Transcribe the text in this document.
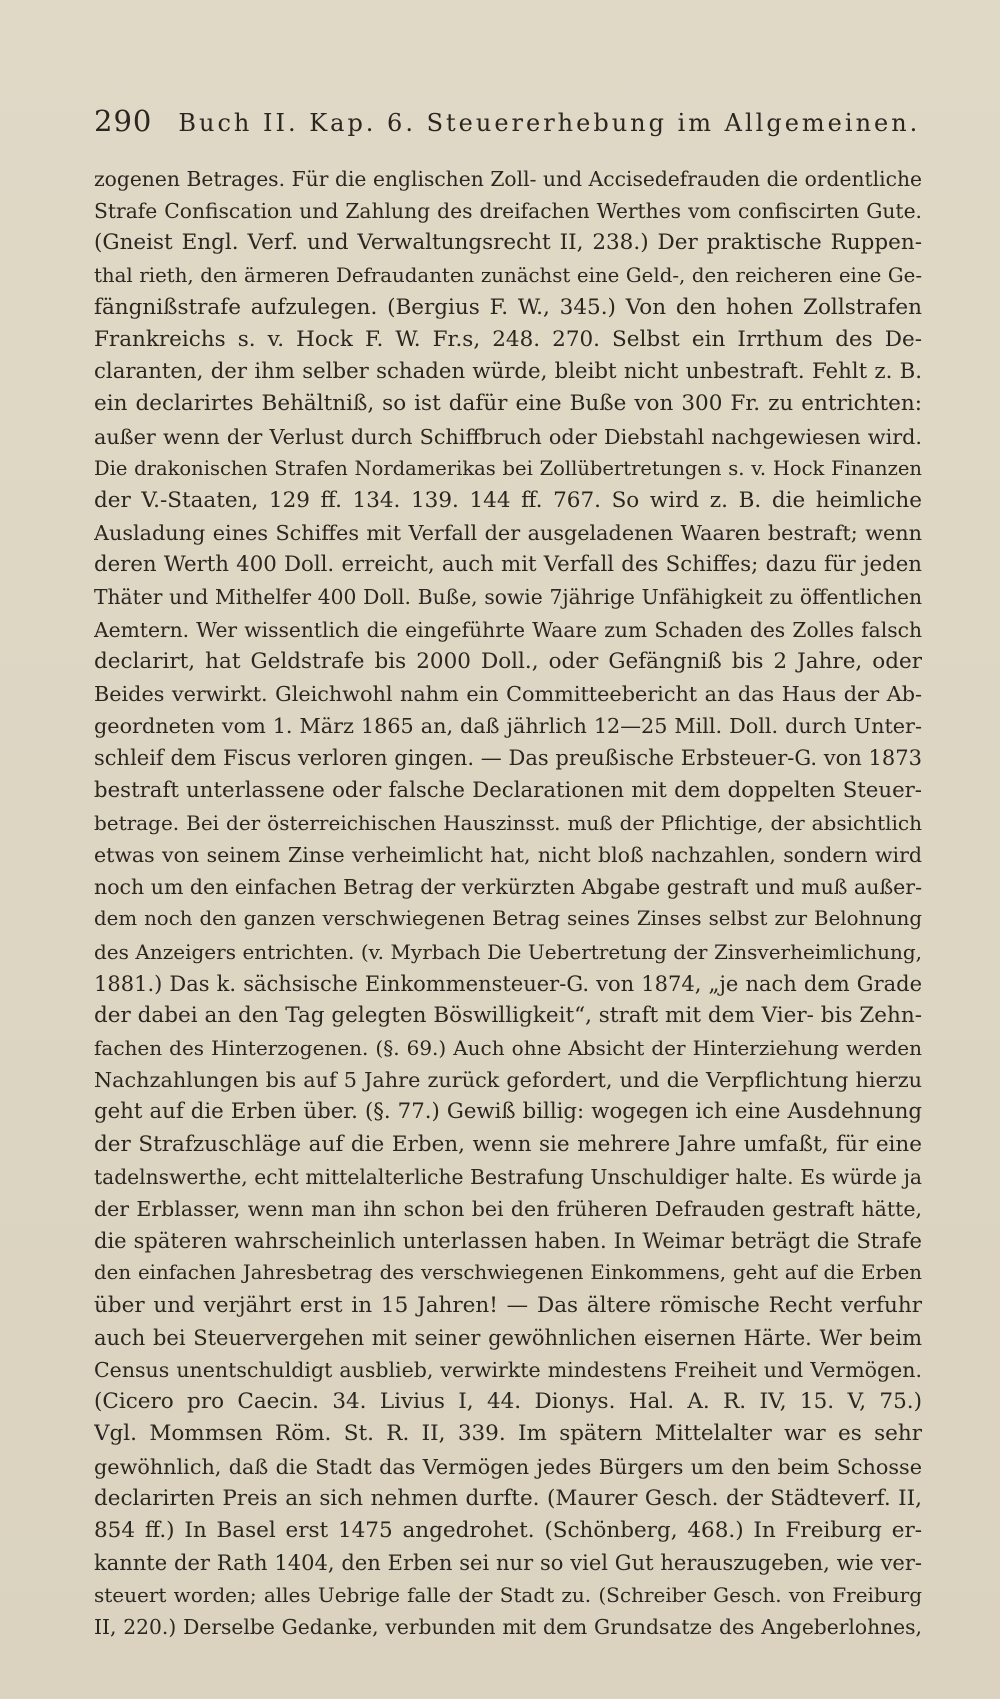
290 Buch II. Kap. 6. Steuererhebung im Allgemeinen.
zogenen Betrages. Für die englischen Zoll- und Accisedefrauden die ordentliche
Strafe Confiscation und Zahlung des dreifachen Werthes vom confiscirten Gute.
(Gneist Engl. Verf. und Verwaltungsrecht II, 238.) Der praktische Ruppen-
thal rieth, den ärmeren Defraudanten zunächst eine Geld-, den reicheren eine Ge-
fängnißstrafe aufzulegen. (Bergius F. W., 345.) Von den hohen Zollstrafen
Frankreichs s. v. Hock F. W. Fr.s, 248. 270. Selbst ein Irrthum des De-
claranten, der ihm selber schaden würde, bleibt nicht unbestraft. Fehlt z. B.
ein declarirtes Behältniß, so ist dafür eine Buße von 300 Fr. zu entrichten:
außer wenn der Verlust durch Schiffbruch oder Diebstahl nachgewiesen wird.
Die drakonischen Strafen Nordamerikas bei Zollübertretungen s. v. Hock Finanzen
der V.-Staaten, 129 ff. 134. 139. 144 ff. 767. So wird z. B. die heimliche
Ausladung eines Schiffes mit Verfall der ausgeladenen Waaren bestraft; wenn
deren Werth 400 Doll. erreicht, auch mit Verfall des Schiffes; dazu für jeden
Thäter und Mithelfer 400 Doll. Buße, sowie 7jährige Unfähigkeit zu öffentlichen
Aemtern. Wer wissentlich die eingeführte Waare zum Schaden des Zolles falsch
declarirt, hat Geldstrafe bis 2000 Doll., oder Gefängniß bis 2 Jahre, oder
Beides verwirkt. Gleichwohl nahm ein Committeebericht an das Haus der Ab-
geordneten vom 1. März 1865 an, daß jährlich 12—25 Mill. Doll. durch Unter-
schleif dem Fiscus verloren gingen. — Das preußische Erbsteuer-G. von 1873
bestraft unterlassene oder falsche Declarationen mit dem doppelten Steuer-
betrage. Bei der österreichischen Hauszinsst. muß der Pflichtige, der absichtlich
etwas von seinem Zinse verheimlicht hat, nicht bloß nachzahlen, sondern wird
noch um den einfachen Betrag der verkürzten Abgabe gestraft und muß außer-
dem noch den ganzen verschwiegenen Betrag seines Zinses selbst zur Belohnung
des Anzeigers entrichten. (v. Myrbach Die Uebertretung der Zinsverheimlichung,
1881.) Das k. sächsische Einkommensteuer-G. von 1874, „je nach dem Grade
der dabei an den Tag gelegten Böswilligkeit“, straft mit dem Vier- bis Zehn-
fachen des Hinterzogenen. (§. 69.) Auch ohne Absicht der Hinterziehung werden
Nachzahlungen bis auf 5 Jahre zurück gefordert, und die Verpflichtung hierzu
geht auf die Erben über. (§. 77.) Gewiß billig: wogegen ich eine Ausdehnung
der Strafzuschläge auf die Erben, wenn sie mehrere Jahre umfaßt, für eine
tadelnswerthe, echt mittelalterliche Bestrafung Unschuldiger halte. Es würde ja
der Erblasser, wenn man ihn schon bei den früheren Defrauden gestraft hätte,
die späteren wahrscheinlich unterlassen haben. In Weimar beträgt die Strafe
den einfachen Jahresbetrag des verschwiegenen Einkommens, geht auf die Erben
über und verjährt erst in 15 Jahren! — Das ältere römische Recht verfuhr
auch bei Steuervergehen mit seiner gewöhnlichen eisernen Härte. Wer beim
Census unentschuldigt ausblieb, verwirkte mindestens Freiheit und Vermögen.
(Cicero pro Caecin. 34. Livius I, 44. Dionys. Hal. A. R. IV, 15. V, 75.)
Vgl. Mommsen Röm. St. R. II, 339. Im spätern Mittelalter war es sehr
gewöhnlich, daß die Stadt das Vermögen jedes Bürgers um den beim Schosse
declarirten Preis an sich nehmen durfte. (Maurer Gesch. der Städteverf. II,
854 ff.) In Basel erst 1475 angedrohet. (Schönberg, 468.) In Freiburg er-
kannte der Rath 1404, den Erben sei nur so viel Gut herauszugeben, wie ver-
steuert worden; alles Uebrige falle der Stadt zu. (Schreiber Gesch. von Freiburg
II, 220.) Derselbe Gedanke, verbunden mit dem Grundsatze des Angeberlohnes,
